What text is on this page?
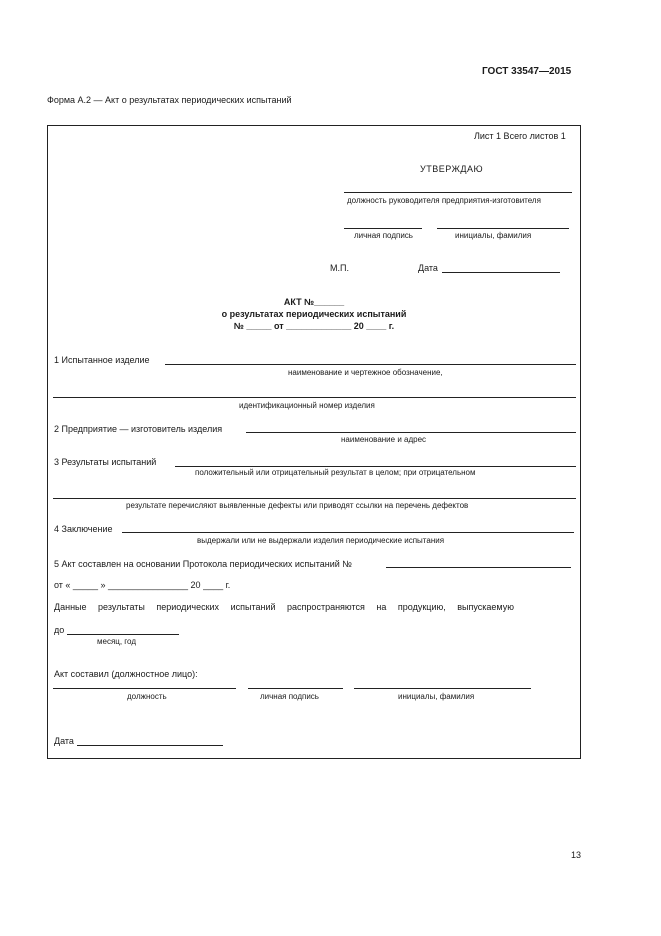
ГОСТ 33547—2015
Форма А.2 — Акт о результатах периодических испытаний
Лист 1 Всего листов 1
УТВЕРЖДАЮ
должность руководителя предприятия-изготовителя
личная подпись	инициалы, фамилия
М.П.	Дата
АКТ №______
о результатах периодических испытаний
№ _____ от _____________ 20 ____ г.
1 Испытанное изделие
наименование и чертежное обозначение,
идентификационный номер изделия
2 Предприятие — изготовитель изделия
наименование и адрес
3 Результаты испытаний
положительный или отрицательный результат в целом; при отрицательном
результате перечисляют выявленные дефекты или приводят ссылки на перечень дефектов
4 Заключение
выдержали или не выдержали изделия периодические испытания
5 Акт составлен на основании Протокола периодических испытаний №
от « _____ » ________________ 20 ____ г.
Данные результаты периодических испытаний распространяются на продукцию, выпускаемую
до
месяц, год
Акт составил (должностное лицо):
должность	личная подпись	инициалы, фамилия
Дата
13
